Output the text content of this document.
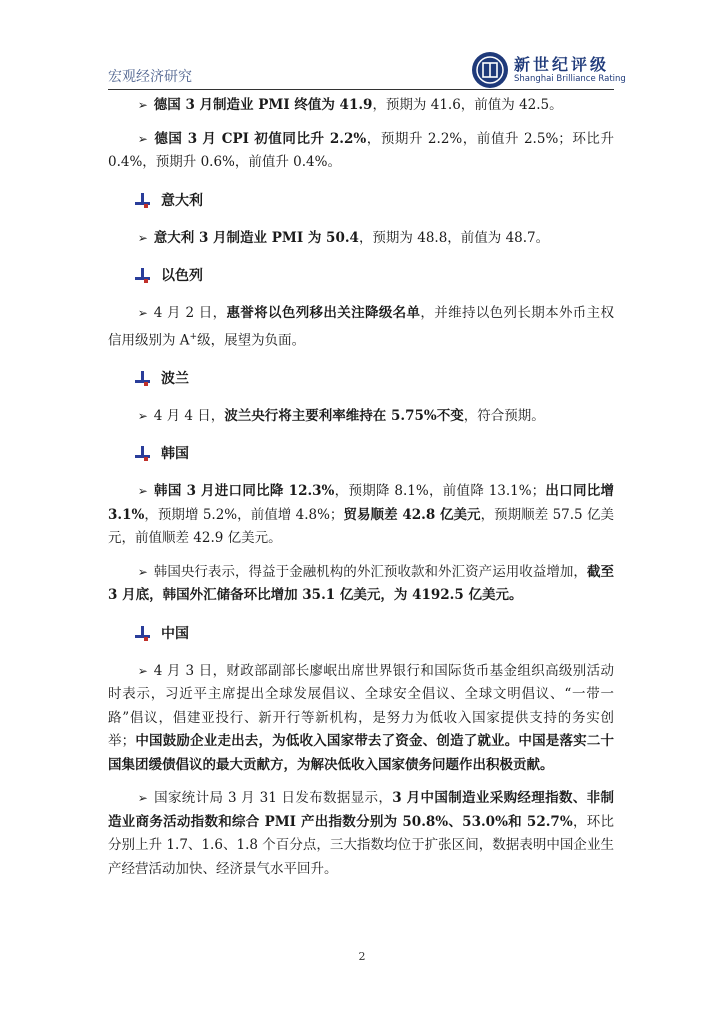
宏观经济研究
新世纪评级
Shanghai Brilliance Rating

➢ 德国 3 月制造业 PMI 终值为 41.9，预期为 41.6，前值为 42.5。

➢ 德国 3 月 CPI 初值同比升 2.2%，预期升 2.2%，前值升 2.5%；环比升 0.4%，预期升 0.6%，前值升 0.4%。

意大利

➢ 意大利 3 月制造业 PMI 为 50.4，预期为 48.8，前值为 48.7。

以色列

➢ 4 月 2 日，惠誉将以色列移出关注降级名单，并维持以色列长期本外币主权信用级别为 A+级，展望为负面。

波兰

➢ 4 月 4 日，波兰央行将主要利率维持在 5.75%不变，符合预期。

韩国

➢ 韩国 3 月进口同比降 12.3%，预期降 8.1%，前值降 13.1%；出口同比增 3.1%，预期增 5.2%，前值增 4.8%；贸易顺差 42.8 亿美元，预期顺差 57.5 亿美元，前值顺差 42.9 亿美元。

➢ 韩国央行表示，得益于金融机构的外汇预收款和外汇资产运用收益增加，截至 3 月底，韩国外汇储备环比增加 35.1 亿美元，为 4192.5 亿美元。

中国

➢ 4 月 3 日，财政部副部长廖岷出席世界银行和国际货币基金组织高级别活动时表示，习近平主席提出全球发展倡议、全球安全倡议、全球文明倡议、“一带一路”倡议，倡建亚投行、新开行等新机构，是努力为低收入国家提供支持的务实创举；中国鼓励企业走出去，为低收入国家带去了资金、创造了就业。中国是落实二十国集团缓债倡议的最大贡献方，为解决低收入国家债务问题作出积极贡献。

➢ 国家统计局 3 月 31 日发布数据显示，3 月中国制造业采购经理指数、非制造业商务活动指数和综合 PMI 产出指数分别为 50.8%、53.0%和 52.7%，环比分别上升 1.7、1.6、1.8 个百分点，三大指数均位于扩张区间，数据表明中国企业生产经营活动加快、经济景气水平回升。

2
